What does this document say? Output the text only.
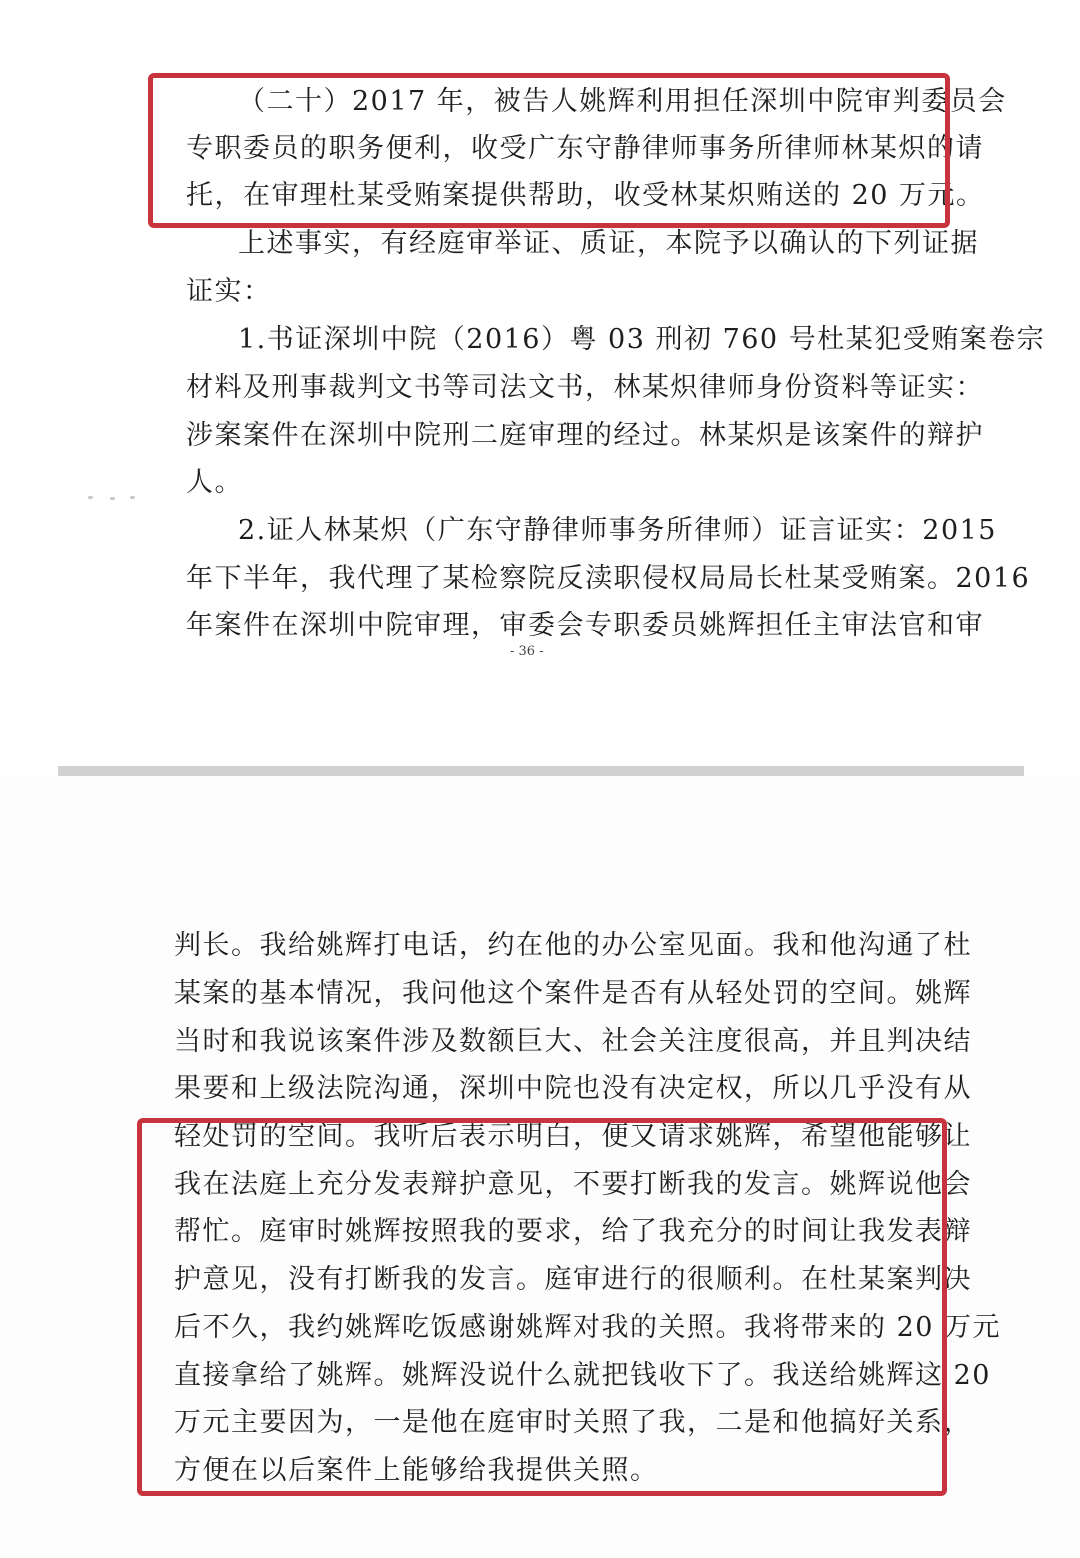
（二十）2017 年，被告人姚辉利用担任深圳中院审判委员会
专职委员的职务便利，收受广东守静律师事务所律师林某炽的请
托，在审理杜某受贿案提供帮助，收受林某炽贿送的 20 万元。
上述事实，有经庭审举证、质证，本院予以确认的下列证据
证实：
1.书证深圳中院（2016）粤 03 刑初 760 号杜某犯受贿案卷宗
材料及刑事裁判文书等司法文书，林某炽律师身份资料等证实：
涉案案件在深圳中院刑二庭审理的经过。林某炽是该案件的辩护
人。
2.证人林某炽（广东守静律师事务所律师）证言证实：2015
年下半年，我代理了某检察院反渎职侵权局局长杜某受贿案。2016
年案件在深圳中院审理，审委会专职委员姚辉担任主审法官和审
- 36 -
判长。我给姚辉打电话，约在他的办公室见面。我和他沟通了杜
某案的基本情况，我问他这个案件是否有从轻处罚的空间。姚辉
当时和我说该案件涉及数额巨大、社会关注度很高，并且判决结
果要和上级法院沟通，深圳中院也没有决定权，所以几乎没有从
轻处罚的空间。我听后表示明白，便又请求姚辉，希望他能够让
我在法庭上充分发表辩护意见，不要打断我的发言。姚辉说他会
帮忙。庭审时姚辉按照我的要求，给了我充分的时间让我发表辩
护意见，没有打断我的发言。庭审进行的很顺利。在杜某案判决
后不久，我约姚辉吃饭感谢姚辉对我的关照。我将带来的 20 万元
直接拿给了姚辉。姚辉没说什么就把钱收下了。我送给姚辉这 20
万元主要因为，一是他在庭审时关照了我，二是和他搞好关系，
方便在以后案件上能够给我提供关照。
